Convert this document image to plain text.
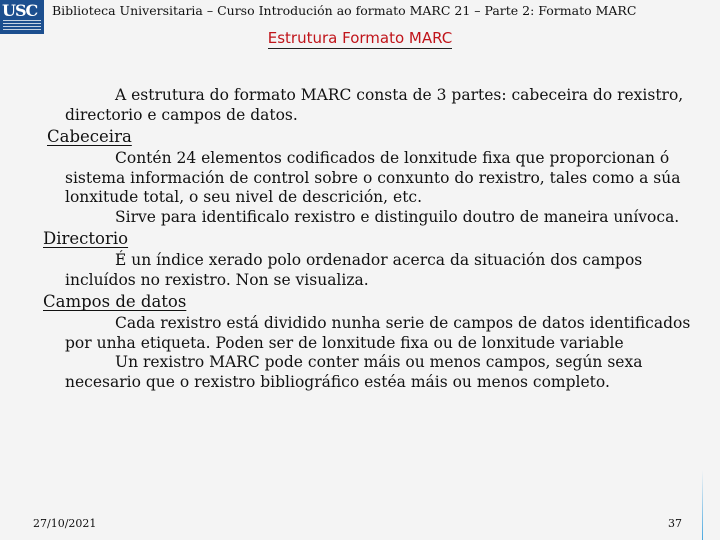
USC Biblioteca Universitaria – Curso Introdución ao formato MARC 21 – Parte 2: Formato MARC
Estrutura Formato MARC

A estrutura do formato MARC consta de 3 partes: cabeceira do rexistro, directorio e campos de datos.

Cabeceira

Contén 24 elementos codificados de lonxitude fixa que proporcionan ó sistema información de control sobre o conxunto do rexistro, tales como a súa lonxitude total, o seu nivel de descrición, etc.

Sirve para identificalo rexistro e distinguilo doutro de maneira unívoca.

Directorio

É un índice xerado polo ordenador acerca da situación dos campos incluídos no rexistro. Non se visualiza.

Campos de datos

Cada rexistro está dividido nunha serie de campos de datos identificados por unha etiqueta. Poden ser de lonxitude fixa ou de lonxitude variable

Un rexistro MARC pode conter máis ou menos campos, según sexa necesario que o rexistro bibliográfico estéa máis ou menos completo.

27/10/2021	37
